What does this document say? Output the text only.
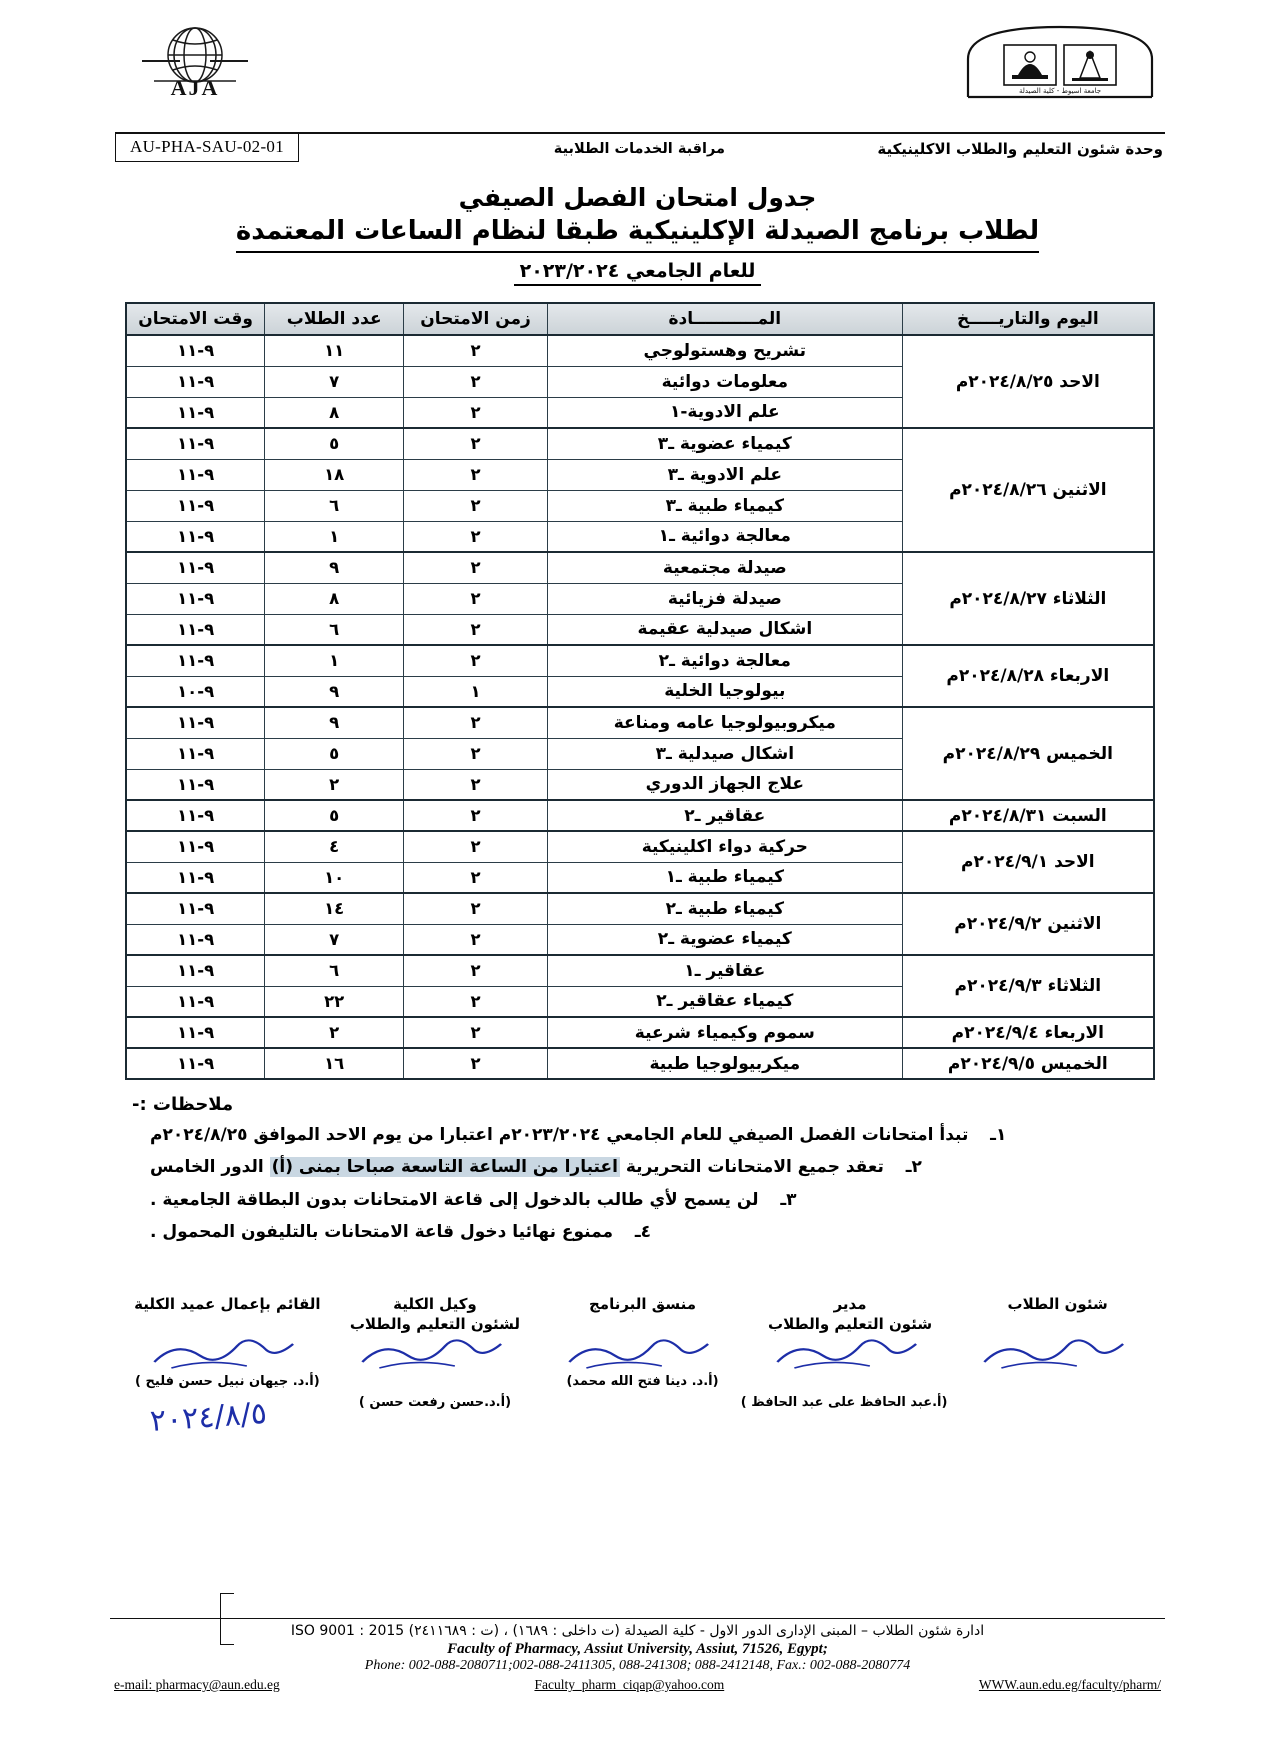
AJA	جامعة اسيوط - كلية الصيدلة
AU-PHA-SAU-02-01	مراقبة الخدمات الطلابية	وحدة شئون التعليم والطلاب الاكلينيكية
جدول امتحان الفصل الصيفي
لطلاب برنامج الصيدلة الإكلينيكية طبقا لنظام الساعات المعتمدة
للعام الجامعي ٢٠٢٣/٢٠٢٤
اليوم والتاريـــــخ	المـــــــــــادة	زمن الامتحان	عدد الطلاب	وقت الامتحان
الاحد ٢٠٢٤/٨/٢٥م	تشريح وهستولوجي	٢	١١	٩-١١
	معلومات دوائية	٢	٧	٩-١١
	علم الادوية-١	٢	٨	٩-١١
الاثنين ٢٠٢٤/٨/٢٦م	كيمياء عضوية ـ٣	٢	٥	٩-١١
	علم الادوية ـ٣	٢	١٨	٩-١١
	كيمياء طبية ـ٣	٢	٦	٩-١١
	معالجة دوائية ـ١	٢	١	٩-١١
الثلاثاء ٢٠٢٤/٨/٢٧م	صيدلة مجتمعية	٢	٩	٩-١١
	صيدلة فزيائية	٢	٨	٩-١١
	اشكال صيدلية عقيمة	٢	٦	٩-١١
الاربعاء ٢٠٢٤/٨/٢٨م	معالجة دوائية ـ٢	٢	١	٩-١١
	بيولوجيا الخلية	١	٩	٩-١٠
الخميس ٢٠٢٤/٨/٢٩م	ميكروبيولوجيا عامه ومناعة	٢	٩	٩-١١
	اشكال صيدلية ـ٣	٢	٥	٩-١١
	علاج الجهاز الدوري	٢	٢	٩-١١
السبت ٢٠٢٤/٨/٣١م	عقاقير ـ٢	٢	٥	٩-١١
الاحد ٢٠٢٤/٩/١م	حركية دواء اكلينيكية	٢	٤	٩-١١
	كيمياء طبية ـ١	٢	١٠	٩-١١
الاثنين ٢٠٢٤/٩/٢م	كيمياء طبية ـ٢	٢	١٤	٩-١١
	كيمياء عضوية ـ٢	٢	٧	٩-١١
الثلاثاء ٢٠٢٤/٩/٣م	عقاقير ـ١	٢	٦	٩-١١
	كيمياء عقاقير ـ٢	٢	٢٢	٩-١١
الاربعاء ٢٠٢٤/٩/٤م	سموم وكيمياء شرعية	٢	٢	٩-١١
الخميس ٢٠٢٤/٩/٥م	ميكربيولوجيا طبية	٢	١٦	٩-١١
ملاحظات :-
١ـ
تبدأ امتحانات الفصل الصيفي للعام الجامعي ٢٠٢٣/٢٠٢٤م اعتبارا من يوم الاحد الموافق ٢٠٢٤/٨/٢٥م
٢ـ
تعقد جميع الامتحانات التحريرية اعتبارا من الساعة التاسعة صباحا بمنى (أ) الدور الخامس
٣ـ
لن يسمح لأي طالب بالدخول إلى قاعة الامتحانات بدون البطاقة الجامعية .
٤ـ
ممنوع نهائيا دخول قاعة الامتحانات بالتليفون المحمول .
شئون الطلاب
مدير
شئون التعليم والطلاب
(أ.عبد الحافظ على عبد الحافظ )
منسق البرنامج
(أ.د. دينا فتح الله محمد)
وكيل الكلية
لشئون التعليم والطلاب
(أ.د.حسن رفعت حسن )
القائم بإعمال عميد الكلية
(أ.د. جيهان نبيل حسن فليح )
٢٠٢٤/٨/٥
ادارة شئون الطلاب – المبنى الإدارى الدور الاول - كلية الصيدلة (ت داخلى : ١٦٨٩) ، (ت : ٢٤١١٦٨٩) ISO 9001 : 2015
Faculty of Pharmacy, Assiut University, Assiut, 71526, Egypt;
Phone: 002-088-2080711;002-088-2411305, 088-241308; 088-2412148, Fax.: 002-088-2080774
e-mail: pharmacy@aun.edu.eg	Faculty_pharm_ciqap@yahoo.com	WWW.aun.edu.eg/faculty/pharm/
